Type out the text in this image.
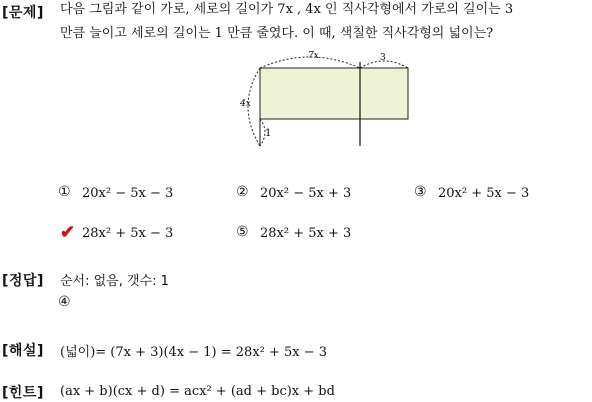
[문제] 다음 그림과 같이 가로, 세로의 길이가 7x , 4x 인 직사각형에서 가로의 길이는 3
만큼 늘이고 세로의 길이는 1 만큼 줄였다. 이 때, 색칠한 직사각형의 넓이는?
7x	3
4x
1
① 20x² − 5x − 3	② 20x² − 5x + 3	③ 20x² + 5x − 3
✔ 28x² + 5x − 3	⑤ 28x² + 5x + 3
[정답] 순서: 없음, 갯수: 1
④
[해설] (넓이)= (7x + 3)(4x − 1) = 28x² + 5x − 3
[힌트] (ax + b)(cx + d) = acx² + (ad + bc)x + bd
